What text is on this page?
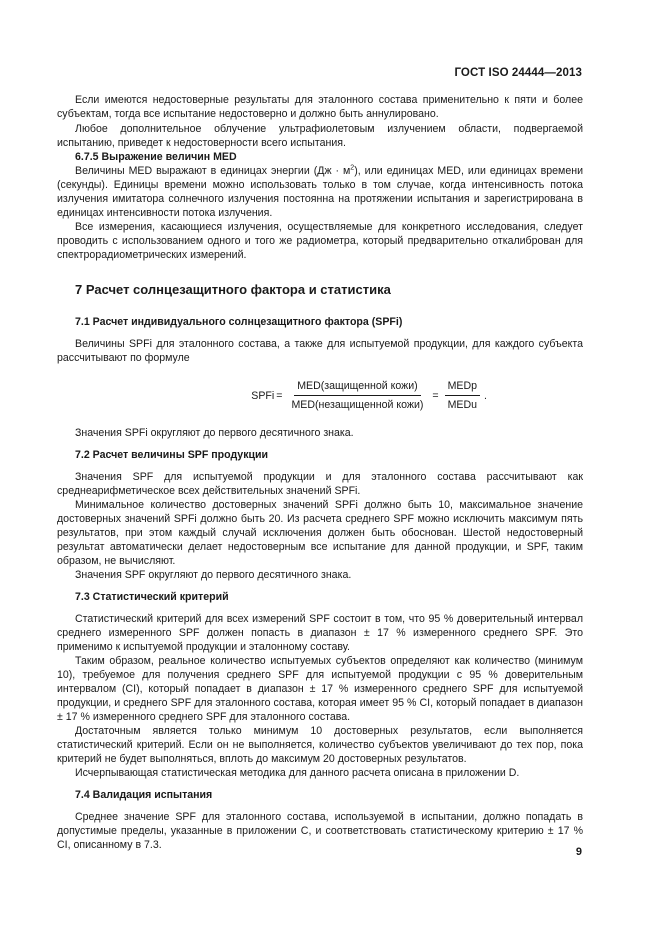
ГОСТ ISO 24444—2013

Если имеются недостоверные результаты для эталонного состава применительно к пяти и более субъектам, тогда все испытание недостоверно и должно быть аннулировано.

Любое дополнительное облучение ультрафиолетовым излучением области, подвергаемой испытанию, приведет к недостоверности всего испытания.

6.7.5 Выражение величин MED

Величины MED выражают в единицах энергии $(Дж \cdot м^2)$, или единицах MED, или единицах времени (секунды). Единицы времени можно использовать только в том случае, когда интенсивность потока излучения имитатора солнечного излучения постоянна на протяжении испытания и зарегистрирована в единицах интенсивности потока излучения.

Все измерения, касающиеся излучения, осуществляемые для конкретного исследования, следует проводить с использованием одного и того же радиометра, который предварительно откалиброван для спектрорадиометрических измерений.

7 Расчет солнцезащитного фактора и статистика
7.1 Расчет индивидуального солнцезащитного фактора (SPFi)

Величины SPFi для эталонного состава, а также для испытуемой продукции, для каждого субъекта рассчитывают по формуле

SPFi = $\frac{\text{MED(защищенной кожи)}}{\text{MED(незащищенной кожи)}} = \frac{\text{MEDp}}{\text{MEDu}}$ .

Значения SPFi округляют до первого десятичного знака.

7.2 Расчет величины SPF продукции

Значения SPF для испытуемой продукции и для эталонного состава рассчитывают как среднеарифметическое всех действительных значений SPFi.

Минимальное количество достоверных значений SPFi должно быть 10, максимальное значение достоверных значений SPFi должно быть 20. Из расчета среднего SPF можно исключить максимум пять результатов, при этом каждый случай исключения должен быть обоснован. Шестой недостоверный результат автоматически делает недостоверным все испытание для данной продукции, и SPF, таким образом, не вычисляют.

Значения SPF округляют до первого десятичного знака.

7.3 Статистический критерий

Статистический критерий для всех измерений SPF состоит в том, что 95 % доверительный интервал среднего измеренного SPF должен попасть в диапазон ± 17 % измеренного среднего SPF. Это применимо к испытуемой продукции и эталонному составу.

Таким образом, реальное количество испытуемых субъектов определяют как количество (минимум 10), требуемое для получения среднего SPF для испытуемой продукции с 95 % доверительным интервалом (CI), который попадает в диапазон ± 17 % измеренного среднего SPF для испытуемой продукции, и среднего SPF для эталонного состава, которая имеет 95 % CI, который попадает в диапазон ± 17 % измеренного среднего SPF для эталонного состава.

Достаточным является только минимум 10 достоверных результатов, если выполняется статистический критерий. Если он не выполняется, количество субъектов увеличивают до тех пор, пока критерий не будет выполняться, вплоть до максимум 20 достоверных результатов.

Исчерпывающая статистическая методика для данного расчета описана в приложении D.

7.4 Валидация испытания

Среднее значение SPF для эталонного состава, используемой в испытании, должно попадать в допустимые пределы, указанные в приложении C, и соответствовать статистическому критерию ± 17 % CI, описанному в 7.3.

9
